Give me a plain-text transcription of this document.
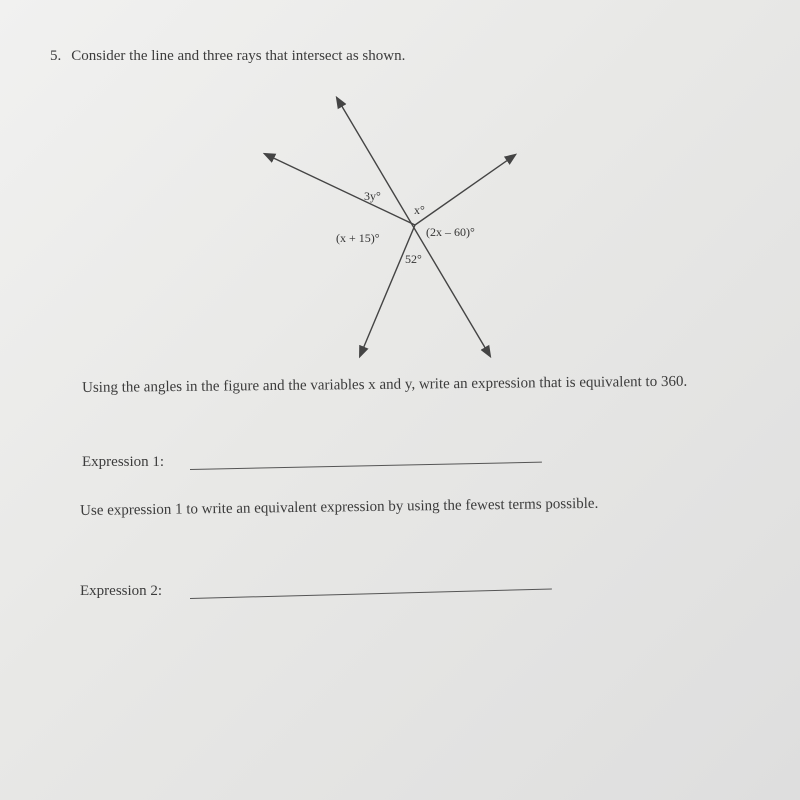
5. Consider the line and three rays that intersect as shown.
3y°
x°
(x + 15)°	(2x – 60)°
52°
Using the angles in the figure and the variables x and y, write an expression that is equivalent to 360.
Expression 1:
Use expression 1 to write an equivalent expression by using the fewest terms possible.
Expression 2:
